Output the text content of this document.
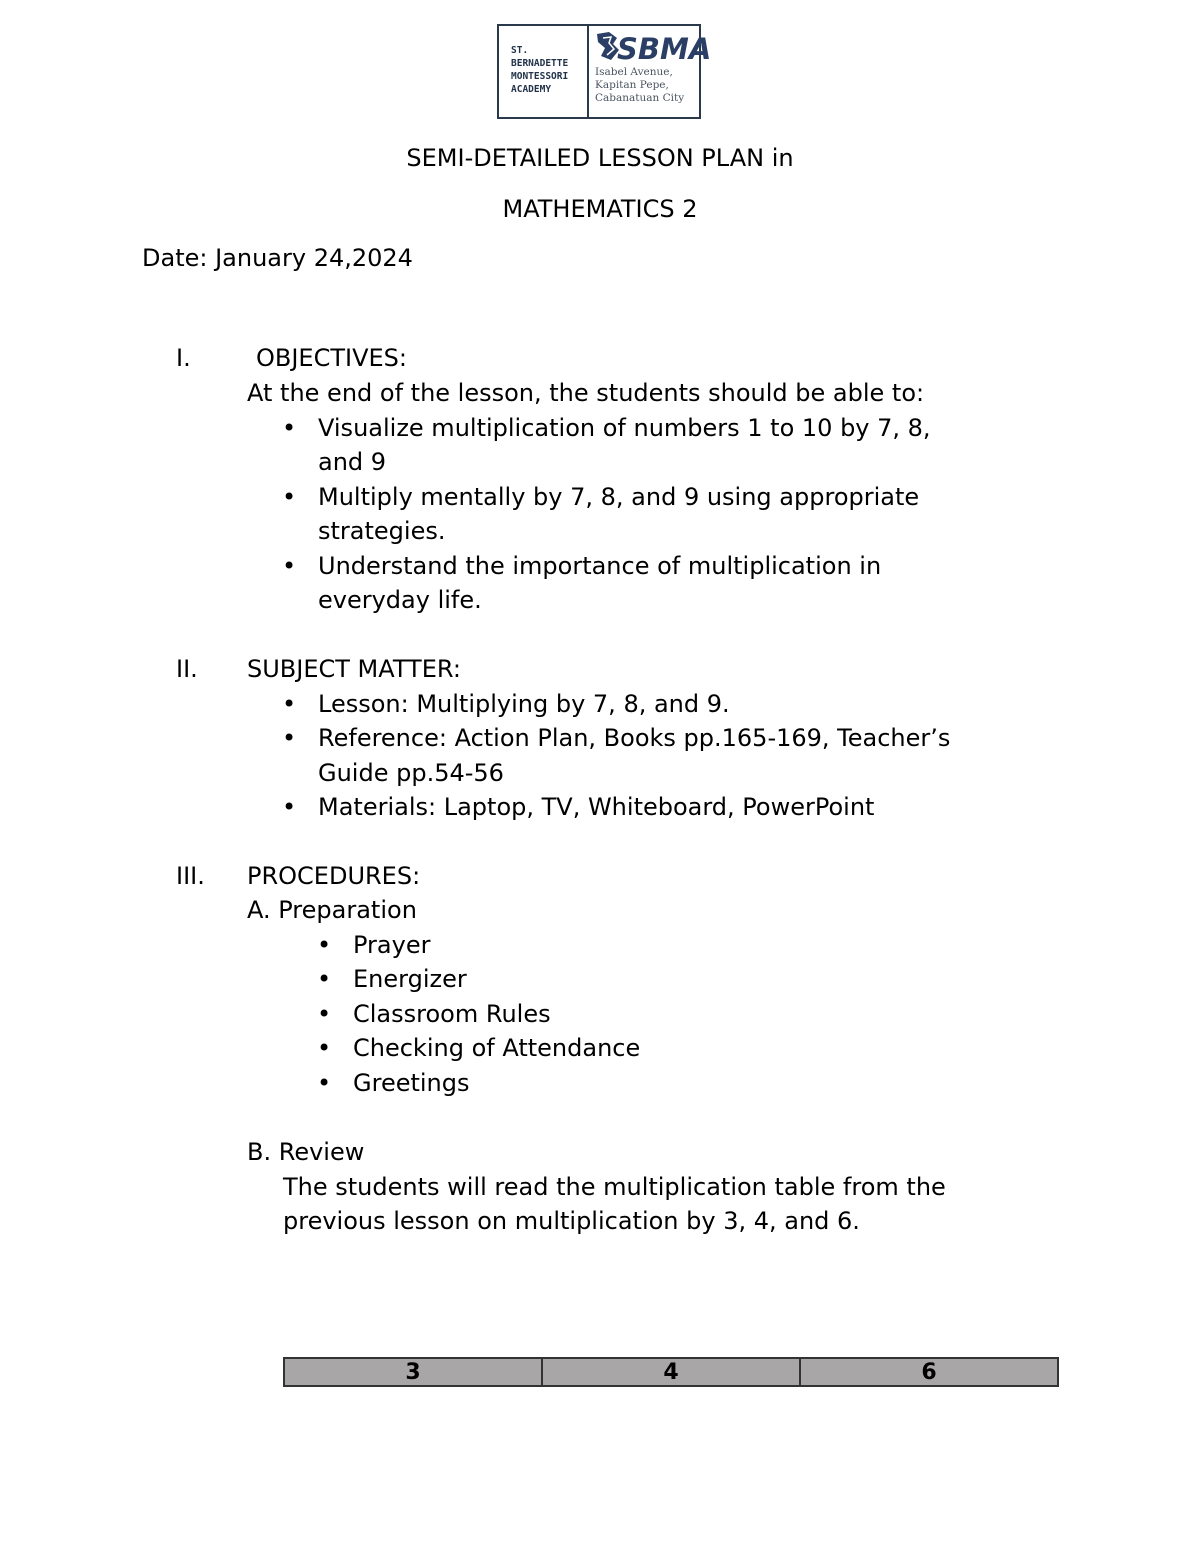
ST.
BERNADETTE
MONTESSORI
ACADEMY
SBMA
Isabel Avenue,
Kapitan Pepe,
Cabanatuan City
SEMI-DETAILED LESSON PLAN in
MATHEMATICS 2
Date: January 24,2024
I.	OBJECTIVES:
At the end of the lesson, the students should be able to:
• Visualize multiplication of numbers 1 to 10 by 7, 8,
and 9
• Multiply mentally by 7, 8, and 9 using appropriate
strategies.
• Understand the importance of multiplication in
everyday life.
II. SUBJECT MATTER:
• Lesson: Multiplying by 7, 8, and 9.
• Reference: Action Plan, Books pp.165-169, Teacher’s
Guide pp.54-56
• Materials: Laptop, TV, Whiteboard, PowerPoint
III. PROCEDURES:
A. Preparation
• Prayer
• Energizer
• Classroom Rules
• Checking of Attendance
• Greetings
B. Review
The students will read the multiplication table from the
previous lesson on multiplication by 3, 4, and 6.
3	4	6
